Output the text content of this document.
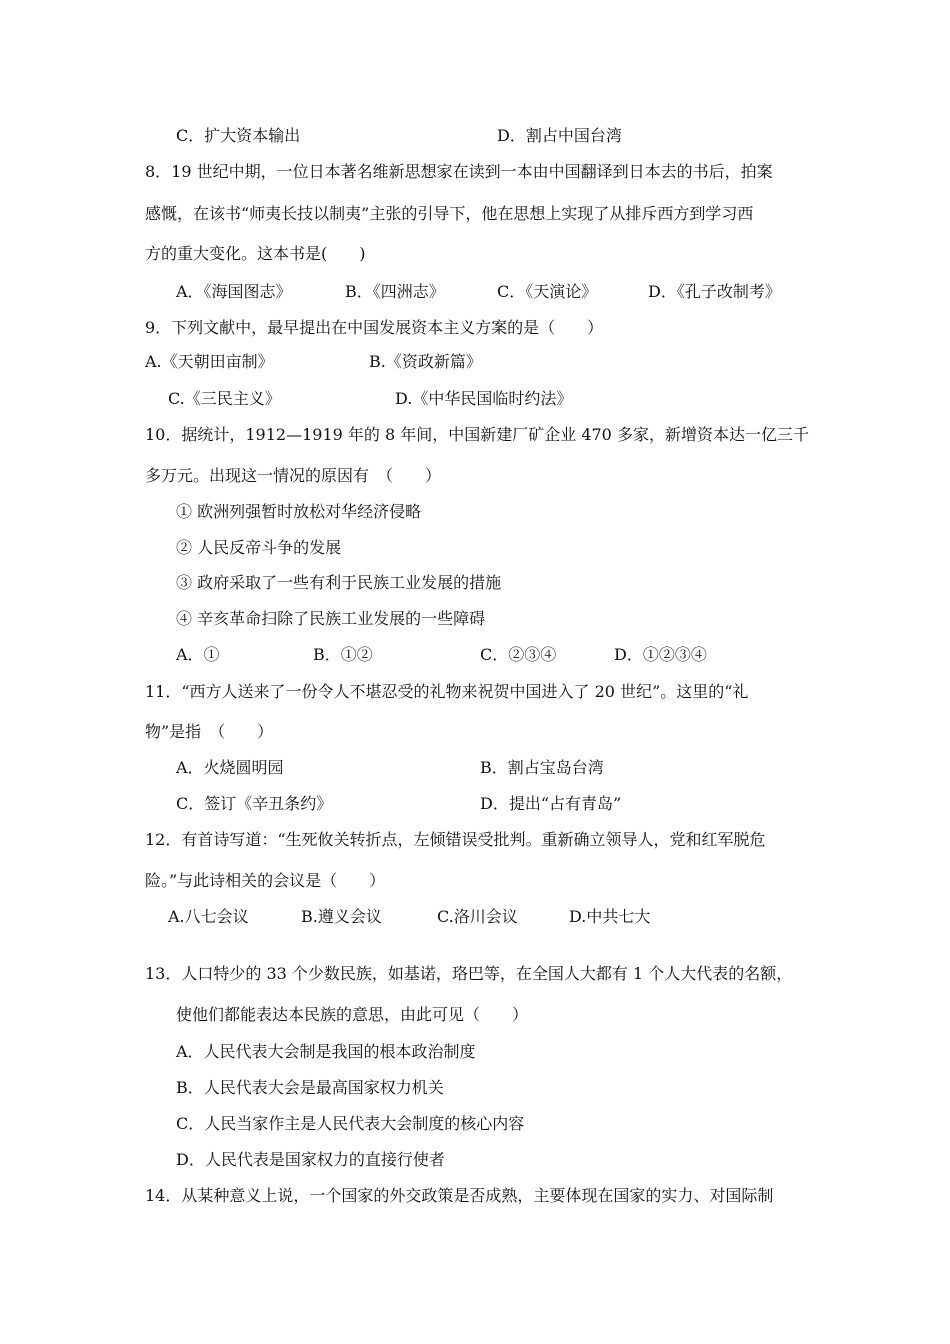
C．扩大资本输出	D．割占中国台湾
8．19 世纪中期，一位日本著名维新思想家在读到一本由中国翻译到日本去的书后，拍案
感慨，在该书“师夷长技以制夷”主张的引导下，他在思想上实现了从排斥西方到学习西
方的重大变化。这本书是(　　)
A．《海国图志》	B．《四洲志》	C．《天演论》	D．《孔子改制考》
9．下列文献中，最早提出在中国发展资本主义方案的是（　　）
A.《天朝田亩制》	B.《资政新篇》
C.《三民主义》	D.《中华民国临时约法》
10．据统计，1912—1919 年的 8 年间，中国新建厂矿企业 470 多家，新增资本达一亿三千
多万元。出现这一情况的原因有　（　　）
① 欧洲列强暂时放松对华经济侵略
② 人民反帝斗争的发展
③ 政府采取了一些有利于民族工业发展的措施
④ 辛亥革命扫除了民族工业发展的一些障碍
A．①	B．①②	C．②③④	D．①②③④
11．“西方人送来了一份令人不堪忍受的礼物来祝贺中国进入了 20 世纪”。这里的“礼
物”是指　（　　）
A．火烧圆明园	B．割占宝岛台湾
C．签订《辛丑条约》	D．提出“占有青岛”
12．有首诗写道：“生死攸关转折点，左倾错误受批判。重新确立领导人，党和红军脱危
险。”与此诗相关的会议是（　　）
A.八七会议	B.遵义会议	C.洛川会议	D.中共七大
13．人口特少的 33 个少数民族，如基诺，珞巴等，在全国人大都有 1 个人大代表的名额，
使他们都能表达本民族的意思，由此可见（　　）
A．人民代表大会制是我国的根本政治制度
B．人民代表大会是最高国家权力机关
C．人民当家作主是人民代表大会制度的核心内容
D．人民代表是国家权力的直接行使者
14．从某种意义上说，一个国家的外交政策是否成熟，主要体现在国家的实力、对国际制
